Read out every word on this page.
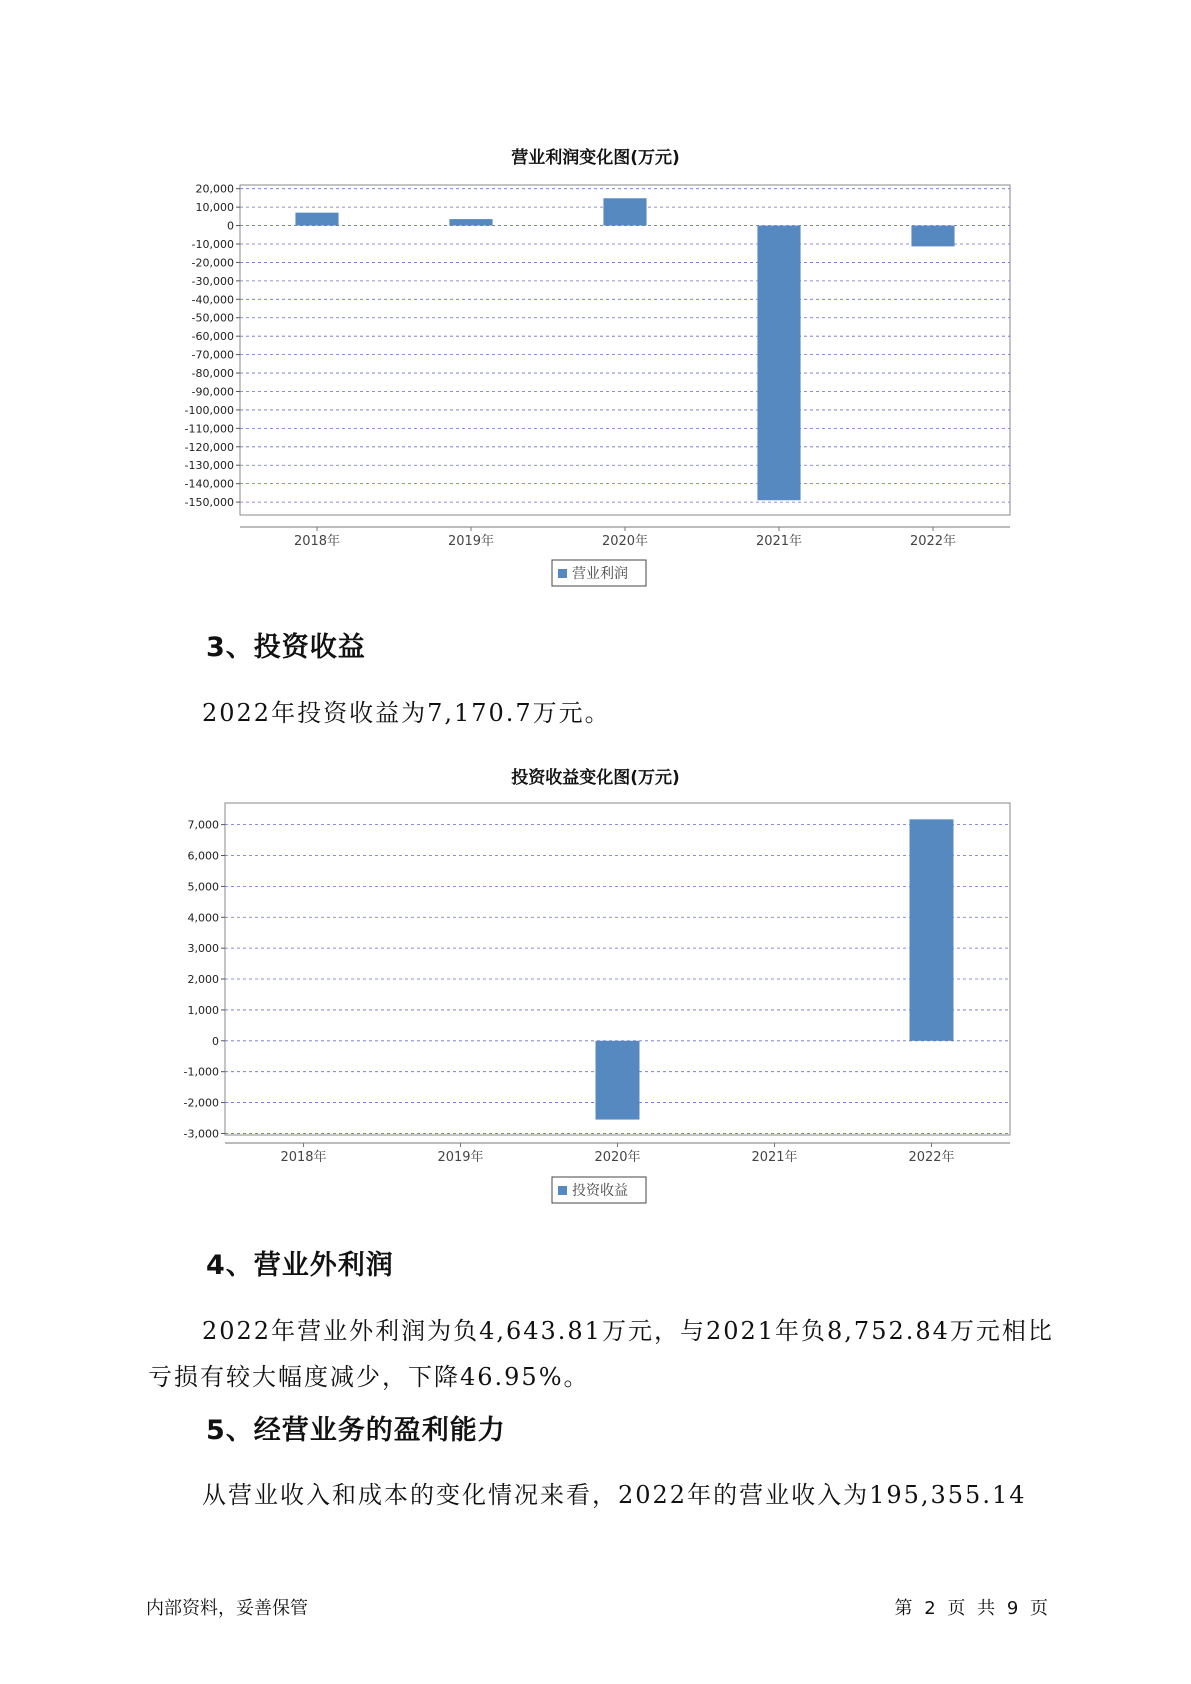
营业利润变化图(万元)
20,000
10,000
0
-10,000
-20,000
-30,000
-40,000
-50,000
-60,000
-70,000
-80,000
-90,000
-100,000
-110,000
-120,000
-130,000
-140,000
-150,000
2018年	2019年	2020年	2021年	2022年
营业利润
3、投资收益
2022年投资收益为7,170.7万元。
投资收益变化图(万元)
7,000
6,000
5,000
4,000
3,000
2,000
1,000
0
-1,000
-2,000
-3,000
2018年	2019年	2020年	2021年	2022年
投资收益
4、营业外利润
2022年营业外利润为负4,643.81万元，与2021年负8,752.84万元相比
亏损有较大幅度减少，下降46.95%。
5、经营业务的盈利能力
从营业收入和成本的变化情况来看，2022年的营业收入为195,355.14
内部资料，妥善保管	第 2 页 共 9 页
